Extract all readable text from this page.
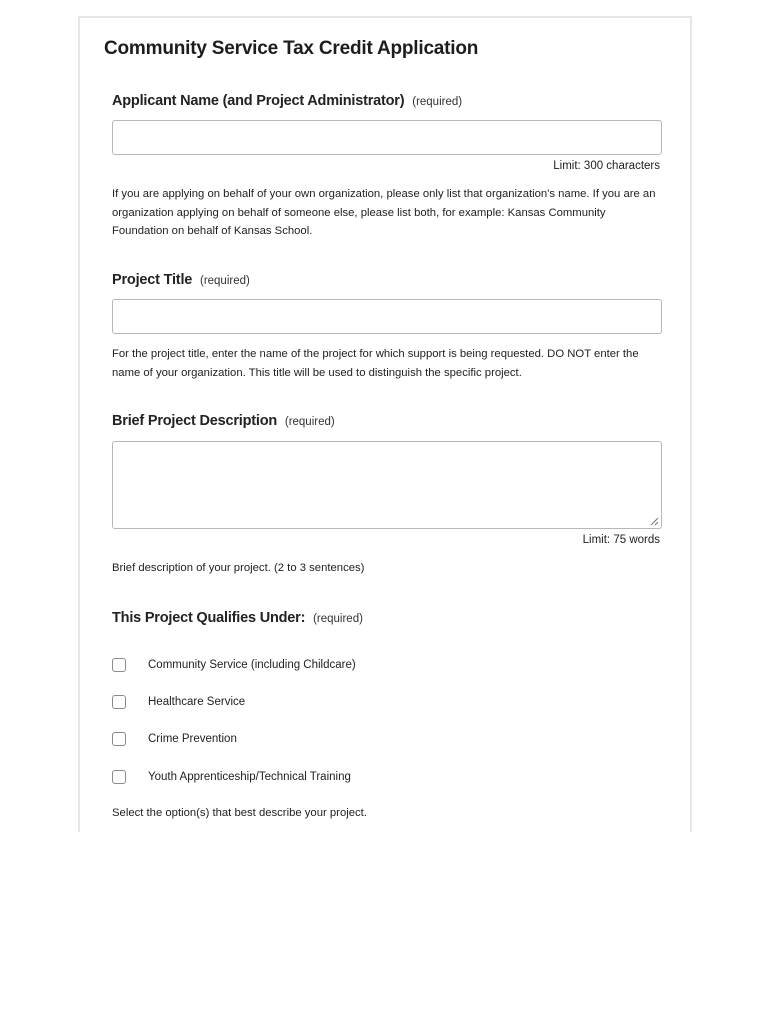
Community Service Tax Credit Application
Applicant Name (and Project Administrator) (required)
Limit: 300 characters
If you are applying on behalf of your own organization, please only list that organization's name. If you are an organization applying on behalf of someone else, please list both, for example: Kansas Community Foundation on behalf of Kansas School.
Project Title (required)
For the project title, enter the name of the project for which support is being requested. DO NOT enter the name of your organization. This title will be used to distinguish the specific project.
Brief Project Description (required)
Limit: 75 words
Brief description of your project. (2 to 3 sentences)
This Project Qualifies Under: (required)
Community Service (including Childcare)
Healthcare Service
Crime Prevention
Youth Apprenticeship/Technical Training
Select the option(s) that best describe your project.
